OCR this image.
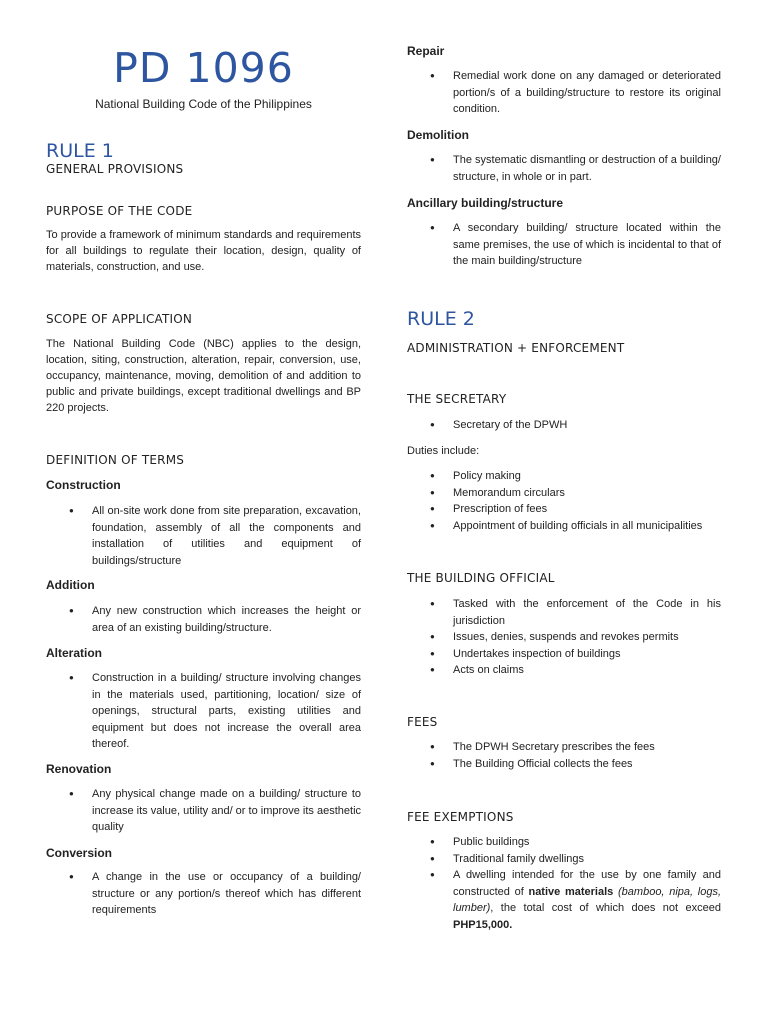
PD 1096
National Building Code of the Philippines
RULE 1
GENERAL PROVISIONS
PURPOSE OF THE CODE
To provide a framework of minimum standards and requirements for all buildings to regulate their location, design, quality of materials, construction, and use.
SCOPE OF APPLICATION
The National Building Code (NBC) applies to the design, location, siting, construction, alteration, repair, conversion, use, occupancy, maintenance, moving, demolition of and addition to public and private buildings, except traditional dwellings and BP 220 projects.
DEFINITION OF TERMS
Construction
● All on-site work done from site preparation, excavation, foundation, assembly of all the components and installation of utilities and equipment of buildings/structure
Addition
● Any new construction which increases the height or area of an existing building/structure.
Alteration
● Construction in a building/ structure involving changes in the materials used, partitioning, location/ size of openings, structural parts, existing utilities and equipment but does not increase the overall area thereof.
Renovation
● Any physical change made on a building/ structure to increase its value, utility and/ or to improve its aesthetic quality
Conversion
● A change in the use or occupancy of a building/ structure or any portion/s thereof which has different requirements
Repair
● Remedial work done on any damaged or deteriorated portion/s of a building/structure to restore its original condition.
Demolition
● The systematic dismantling or destruction of a building/ structure, in whole or in part.
Ancillary building/structure
● A secondary building/ structure located within the same premises, the use of which is incidental to that of the main building/structure
RULE 2
ADMINISTRATION + ENFORCEMENT
THE SECRETARY
● Secretary of the DPWH
Duties include:
● Policy making
● Memorandum circulars
● Prescription of fees
● Appointment of building officials in all municipalities
THE BUILDING OFFICIAL
● Tasked with the enforcement of the Code in his jurisdiction
● Issues, denies, suspends and revokes permits
● Undertakes inspection of buildings
● Acts on claims
FEES
● The DPWH Secretary prescribes the fees
● The Building Official collects the fees
FEE EXEMPTIONS
● Public buildings
● Traditional family dwellings
● A dwelling intended for the use by one family and constructed of native materials (bamboo, nipa, logs, lumber), the total cost of which does not exceed PHP15,000.
